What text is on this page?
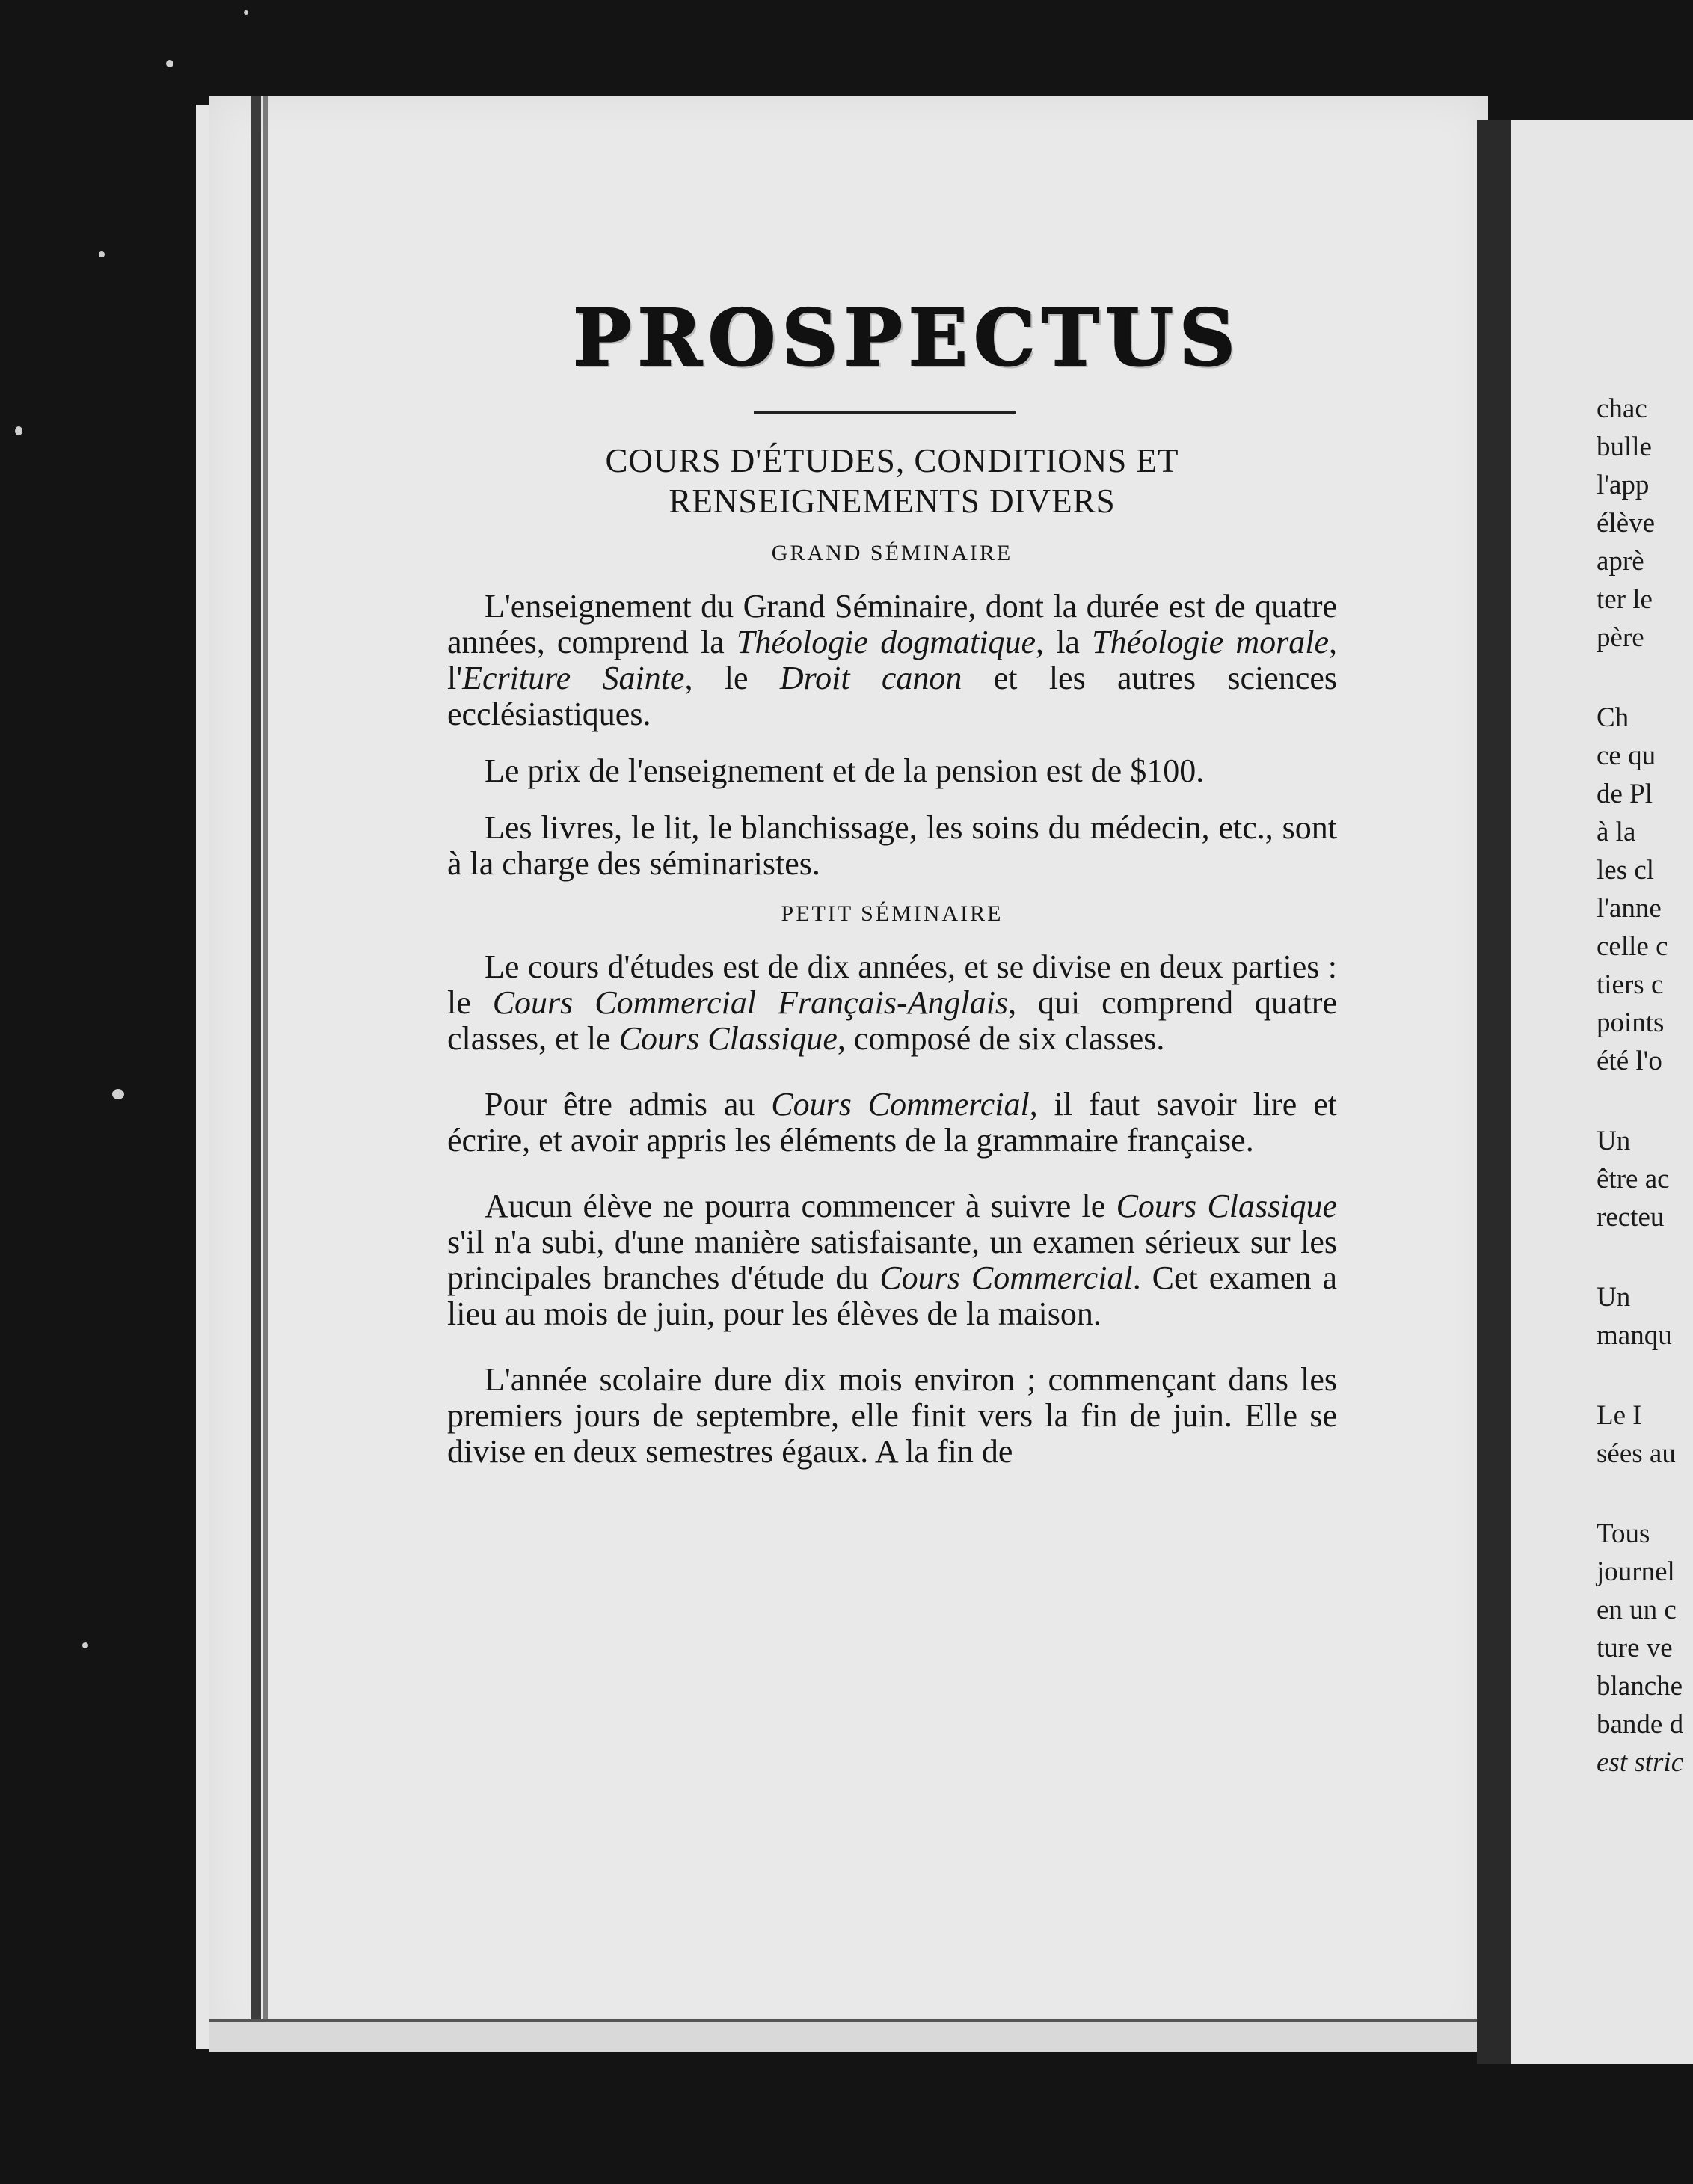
chac
bulle
l'app
élève
aprè
ter le
père
Ch
ce qu
de Pl
à la
les cl
l'anne
celle c
tiers c
points
été l'o
Un
être ac
recteu
Un
manqu
Le I
sées au
Tous
journel
en un c
ture ve
blanche
bande d
est stric
PROSPECTUS
COURS D'ÉTUDES, CONDITIONS ET RENSEIGNEMENTS DIVERS
GRAND SÉMINAIRE

L'enseignement du Grand Séminaire, dont la durée est de quatre années, comprend la Théologie dogmatique, la Théologie morale, l'Ecriture Sainte, le Droit canon et les autres sciences ecclésiastiques.

Le prix de l'enseignement et de la pension est de $100.

Les livres, le lit, le blanchissage, les soins du médecin, etc., sont à la charge des séminaristes.

PETIT SÉMINAIRE

Le cours d'études est de dix années, et se divise en deux parties : le Cours Commercial Français-Anglais, qui comprend quatre classes, et le Cours Classique, composé de six classes.

Pour être admis au Cours Commercial, il faut savoir lire et écrire, et avoir appris les éléments de la grammaire française.

Aucun élève ne pourra commencer à suivre le Cours Classique s'il n'a subi, d'une manière satisfaisante, un examen sérieux sur les principales branches d'étude du Cours Commercial. Cet examen a lieu au mois de juin, pour les élèves de la maison.

L'année scolaire dure dix mois environ ; commençant dans les premiers jours de septembre, elle finit vers la fin de juin. Elle se divise en deux semestres égaux. A la fin de
